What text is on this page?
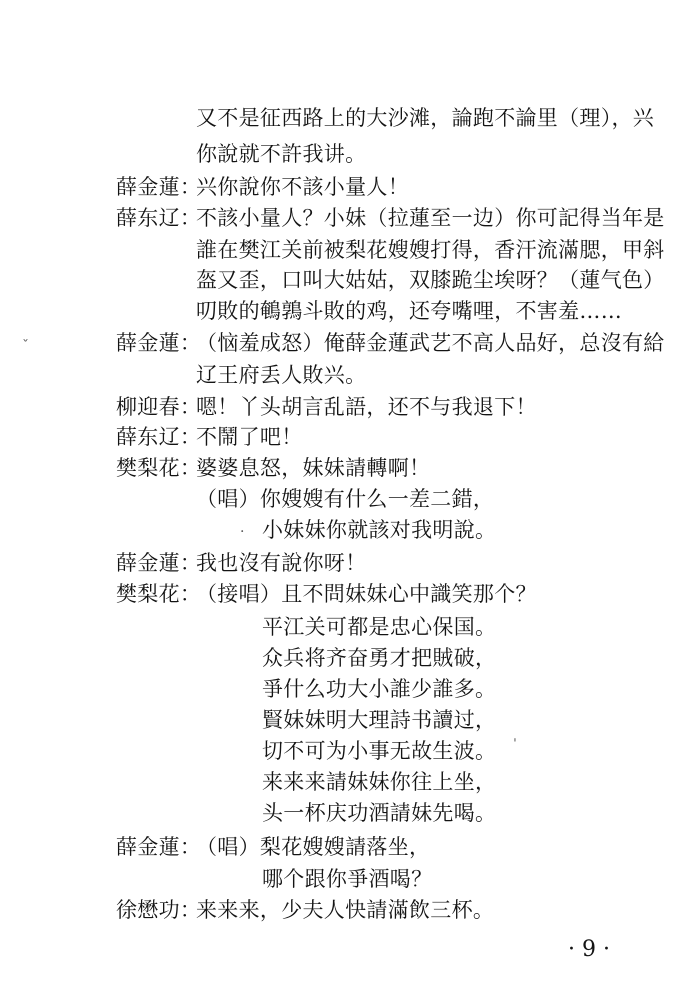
又不是征西路上的大沙滩，論跑不論里（理），兴
你說就不許我讲。
薛金蓮：
兴你說你不該小量人！
薛东辽：
不該小量人？小妹（拉蓮至一边）你可記得当年是
誰在樊江关前被梨花嫂嫂打得，香汗流滿腮，甲斜
盔又歪，口叫大姑姑，双膝跪尘埃呀？（蓮气色）
叨敗的鵪鶉斗敗的鸡，还夸嘴哩，不害羞……
薛金蓮：
（恼羞成怒）俺薛金蓮武艺不高人品好，总沒有給
辽王府丢人敗兴。
柳迎春：
嗯！丫头胡言乱語，还不与我退下！
薛东辽：
不鬧了吧！
樊梨花：
婆婆息怒，妹妹請轉啊！
（唱）你嫂嫂有什么一差二錯，
小妹妹你就該对我明說。
薛金蓮：
我也沒有說你呀！
樊梨花：
（接唱）且不問妹妹心中識笑那个？
平江关可都是忠心保国。
众兵将齐奋勇才把賊破，
爭什么功大小誰少誰多。
賢妹妹明大理詩书讀过，
切不可为小事无故生波。
来来来請妹妹你往上坐，
头一杯庆功酒請妹先喝。
薛金蓮：
（唱）梨花嫂嫂請落坐，
哪个跟你爭酒喝？
徐懋功：
来来来，少夫人快請滿飲三杯。
ˇ
·
ˈ
· 9 ·
